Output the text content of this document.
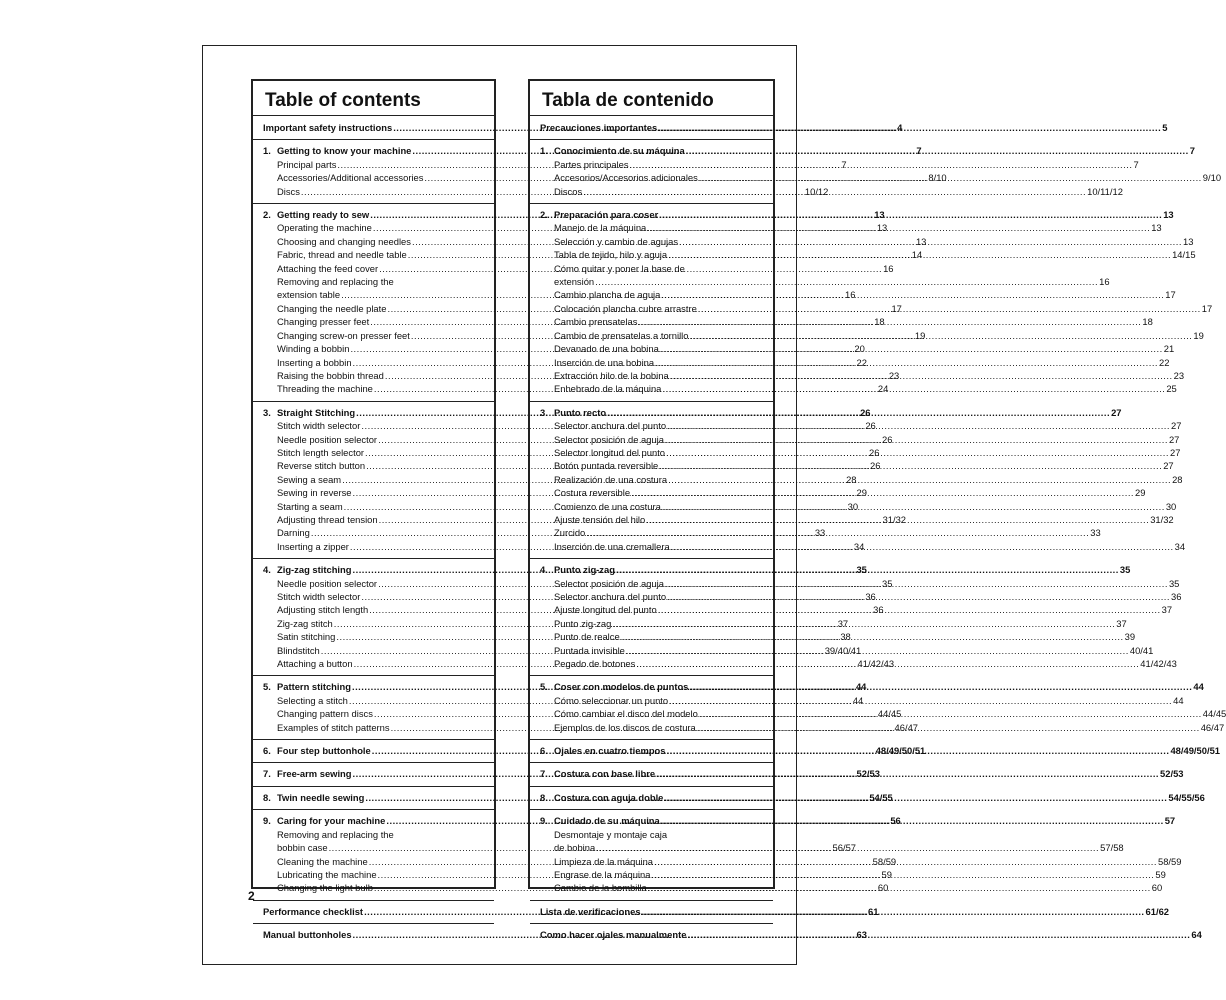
Table of contents
Important safety instructions .....	4
1. Getting to know your machine .....	7
Principal parts .....	7
Accessories/Additional accessories .....	8/10
Discs .....	10/12
2. Getting ready to sew .....	13
Operating the machine .....	13
Choosing and changing needles .....	13
Fabric, thread and needle table .....	14
Attaching the feed cover .....	16
Removing and replacing the
extension table .....	16
Changing the needle plate .....	17
Changing presser feet .....	18
Changing screw-on presser feet .....	19
Winding a bobbin .....	20
Inserting a bobbin .....	22
Raising the bobbin thread .....	23
Threading the machine .....	24
3. Straight Stitching .....	26
Stitch width selector .....	26
Needle position selector .....	26
Stitch length selector .....	26
Reverse stitch button .....	26
Sewing a seam .....	28
Sewing in reverse .....	29
Starting a seam .....	30
Adjusting thread tension .....	31/32
Darning .....	33
Inserting a zipper .....	34
4. Zig-zag stitching .....	35
Needle position selector .....	35
Stitch width selector .....	36
Adjusting stitch length .....	36
Zig-zag stitch .....	37
Satin stitching .....	38
Blindstitch .....	39/40/41
Attaching a button .....	41/42/43
5. Pattern stitching .....	44
Selecting a stitch .....	44
Changing pattern discs .....	44/45
Examples of stitch patterns .....	46/47
6. Four step buttonhole .....	48/49/50/51
7. Free-arm sewing .....	52/53
8. Twin needle sewing .....	54/55
9. Caring for your machine .....	56
Removing and replacing the
bobbin case .....	56/57
Cleaning the machine .....	58/59
Lubricating the machine .....	59
Changing the light bulb .....	60
Performance checklist .....	61
Manual buttonholes .....	63
Tabla de contenido
Precauciones importantes .....	5
1. Conocimiento de su máquina .....	7
Partes principales .....	7
Accesorios/Accesorios adicionales .....	9/10
Discos .....	10/11/12
2. Preparación para coser .....	13
Manejo de la máquina .....	13
Selección y cambio de agujas .....	13
Tabla de tejido, hilo y aguja .....	14/15
Cómo quitar y poner la base de
extensión .....	16
Cambio plancha de aguja .....	17
Colocación plancha cubre arrastre .....	17
Cambio prensatelas .....	18
Cambio de prensatelas a tornillo .....	19
Devanado de una bobina .....	21
Inserción de una bobina .....	22
Extracción hilo de la bobina .....	23
Enhebrado de la máquina .....	25
3. Punto recto .....	27
Selector anchura del punto .....	27
Selector posición de aguja .....	27
Selector longitud del punto .....	27
Botón puntada reversible .....	27
Realización de una costura .....	28
Costura reversible .....	29
Comienzo de una costura .....	30
Ajuste tensión del hilo .....	31/32
Zurcido .....	33
Inserción de una cremallera .....	34
4. Punto zig-zag .....	35
Selector posición de aguja .....	35
Selector anchura del punto .....	36
Ajuste longitud del punto .....	37
Punto zig-zag .....	37
Punto de realce .....	39
Puntada invisible .....	40/41
Pegado de botones .....	41/42/43
5. Coser con modelos de puntos .....	44
Cómo seleccionar un punto .....	44
Cómo cambiar el disco del modelo .....	44/45
Ejemplos de los discos de costura .....	46/47
6. Ojales en cuatro tiempos .....	48/49/50/51
7. Costura con base libre .....	52/53
8. Costura con aguja doble .....	54/55/56
9. Cuidado de su máquina .....	57
Desmontaje y montaje caja
de bobina .....	57/58
Limpieza de la máquina .....	58/59
Engrase de la máquina .....	59
Cambio de la bombilla .....	60
Lista de verificaciones .....	61/62
Como hacer ojales manualmente .....	64
2
